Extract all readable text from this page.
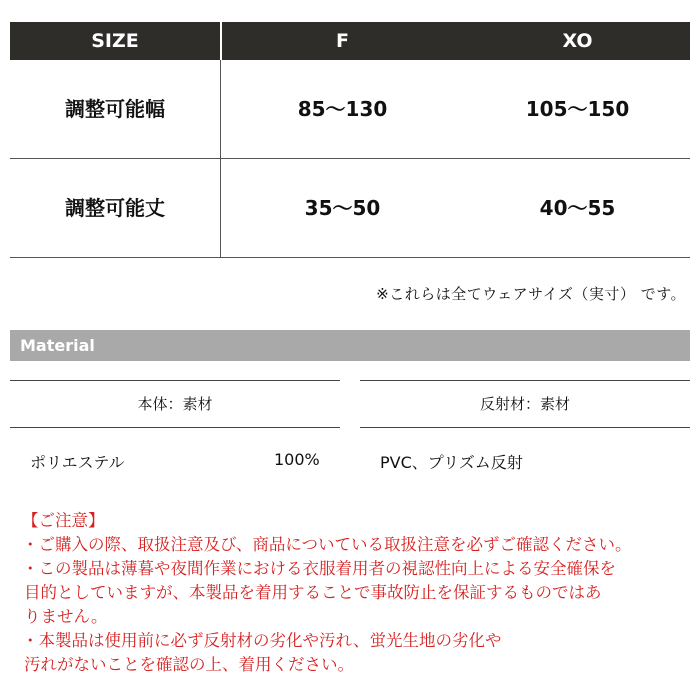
SIZE	F	XO
調整可能幅	85〜130	105〜150
調整可能丈	35〜50	40〜55
※これらは全てウェアサイズ（実寸） です。
Material
本体：素材
ポリエステル	100%
反射材：素材
PVC、プリズム反射
【ご注意】
・ご購入の際、取扱注意及び、商品についている取扱注意を必ずご確認ください。
・この製品は薄暮や夜間作業における衣服着用者の視認性向上による安全確保を
目的としていますが、本製品を着用することで事故防止を保証するものではあ
りません。
・本製品は使用前に必ず反射材の劣化や汚れ、蛍光生地の劣化や
汚れがないことを確認の上、着用ください。
